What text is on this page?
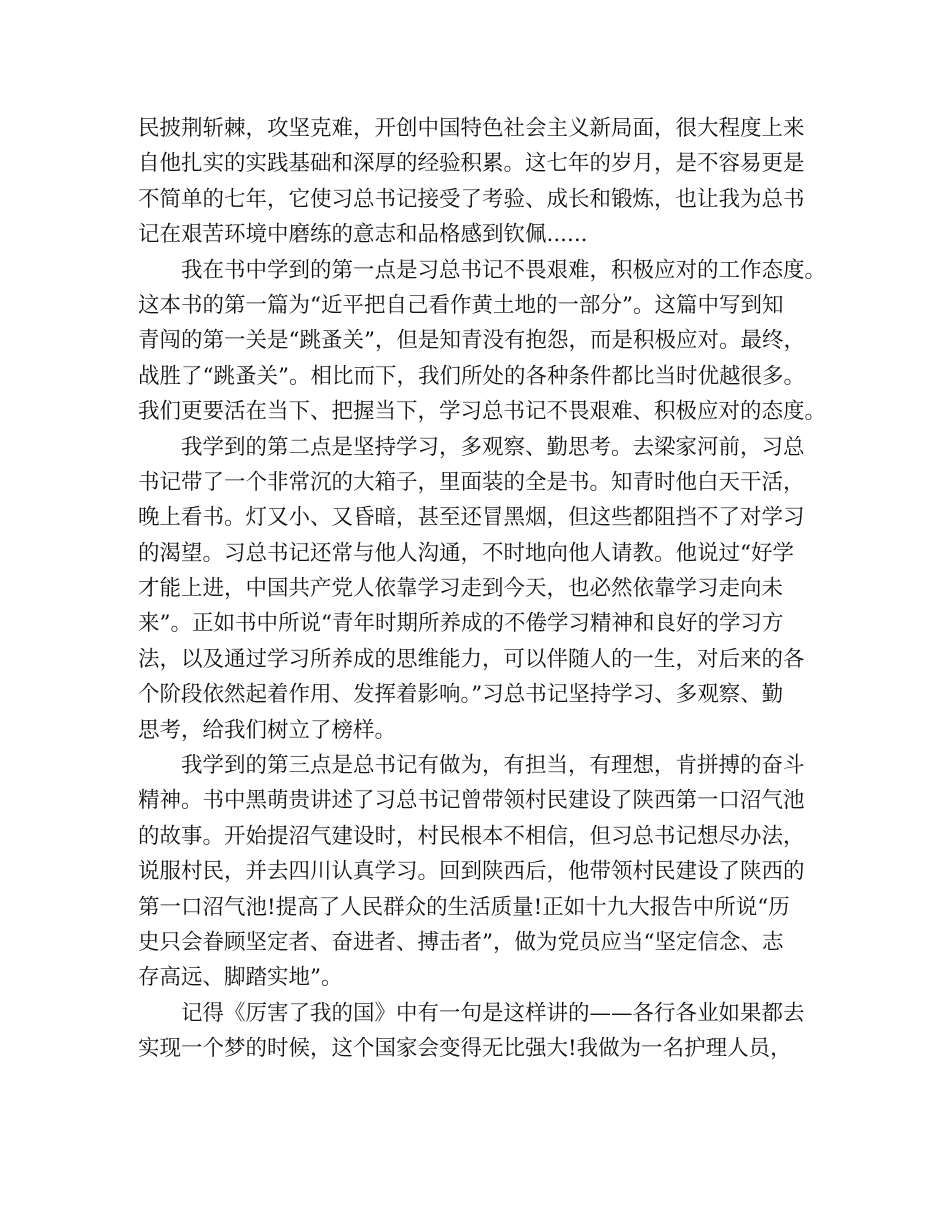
民披荆斩棘，攻坚克难，开创中国特色社会主义新局面，很大程度上来
自他扎实的实践基础和深厚的经验积累。这七年的岁月，是不容易更是
不简单的七年，它使习总书记接受了考验、成长和锻炼，也让我为总书
记在艰苦环境中磨练的意志和品格感到钦佩......
我在书中学到的第一点是习总书记不畏艰难，积极应对的工作态度。
这本书的第一篇为“近平把自己看作黄土地的一部分”。这篇中写到知
青闯的第一关是“跳蚤关”，但是知青没有抱怨，而是积极应对。最终，
战胜了“跳蚤关”。相比而下，我们所处的各种条件都比当时优越很多。
我们更要活在当下、把握当下，学习总书记不畏艰难、积极应对的态度。
我学到的第二点是坚持学习，多观察、勤思考。去梁家河前，习总
书记带了一个非常沉的大箱子，里面装的全是书。知青时他白天干活，
晚上看书。灯又小、又昏暗，甚至还冒黑烟，但这些都阻挡不了对学习
的渴望。习总书记还常与他人沟通，不时地向他人请教。他说过“好学
才能上进，中国共产党人依靠学习走到今天，也必然依靠学习走向未
来”。正如书中所说“青年时期所养成的不倦学习精神和良好的学习方
法，以及通过学习所养成的思维能力，可以伴随人的一生，对后来的各
个阶段依然起着作用、发挥着影响。”习总书记坚持学习、多观察、勤
思考，给我们树立了榜样。
我学到的第三点是总书记有做为，有担当，有理想，肯拼搏的奋斗
精神。书中黑萌贵讲述了习总书记曾带领村民建设了陕西第一口沼气池
的故事。开始提沼气建设时，村民根本不相信，但习总书记想尽办法，
说服村民，并去四川认真学习。回到陕西后，他带领村民建设了陕西的
第一口沼气池!提高了人民群众的生活质量!正如十九大报告中所说“历
史只会眷顾坚定者、奋进者、搏击者”，做为党员应当“坚定信念、志
存高远、脚踏实地”。
记得《厉害了我的国》中有一句是这样讲的——各行各业如果都去
实现一个梦的时候，这个国家会变得无比强大!我做为一名护理人员，
